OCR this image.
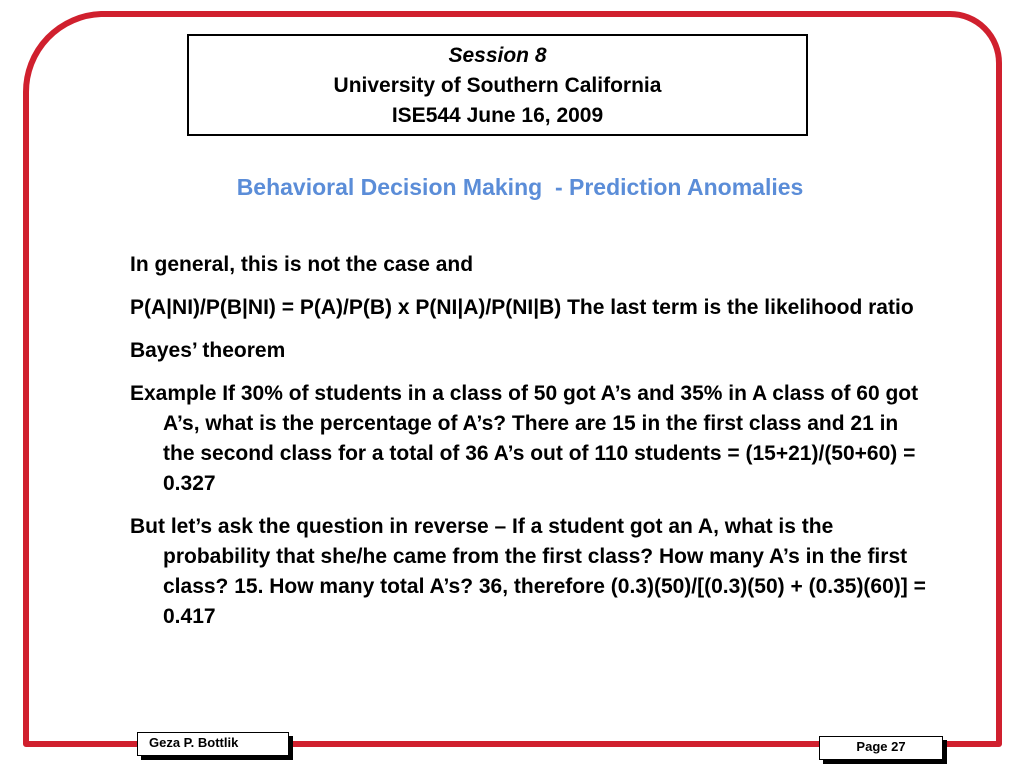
Session 8
University of Southern California
ISE544 June 16, 2009
Behavioral Decision Making  - Prediction Anomalies

In general, this is not the case and

P(A|NI)/P(B|NI) = P(A)/P(B) x P(NI|A)/P(NI|B) The last term is the likelihood ratio

Bayes’ theorem

Example If 30% of students in a class of 50 got A’s and 35% in A class of 60 got A’s, what is the percentage of A’s? There are 15 in the first class and 21 in the second class for a total of 36 A’s out of 110 students = (15+21)/(50+60) = 0.327

But let’s ask the question in reverse – If a student got an A, what is the probability that she/he came from the first class? How many A’s in the first class? 15. How many total A’s? 36, therefore (0.3)(50)/[(0.3)(50) + (0.35)(60)] = 0.417

Geza P. Bottlik	Page 27
